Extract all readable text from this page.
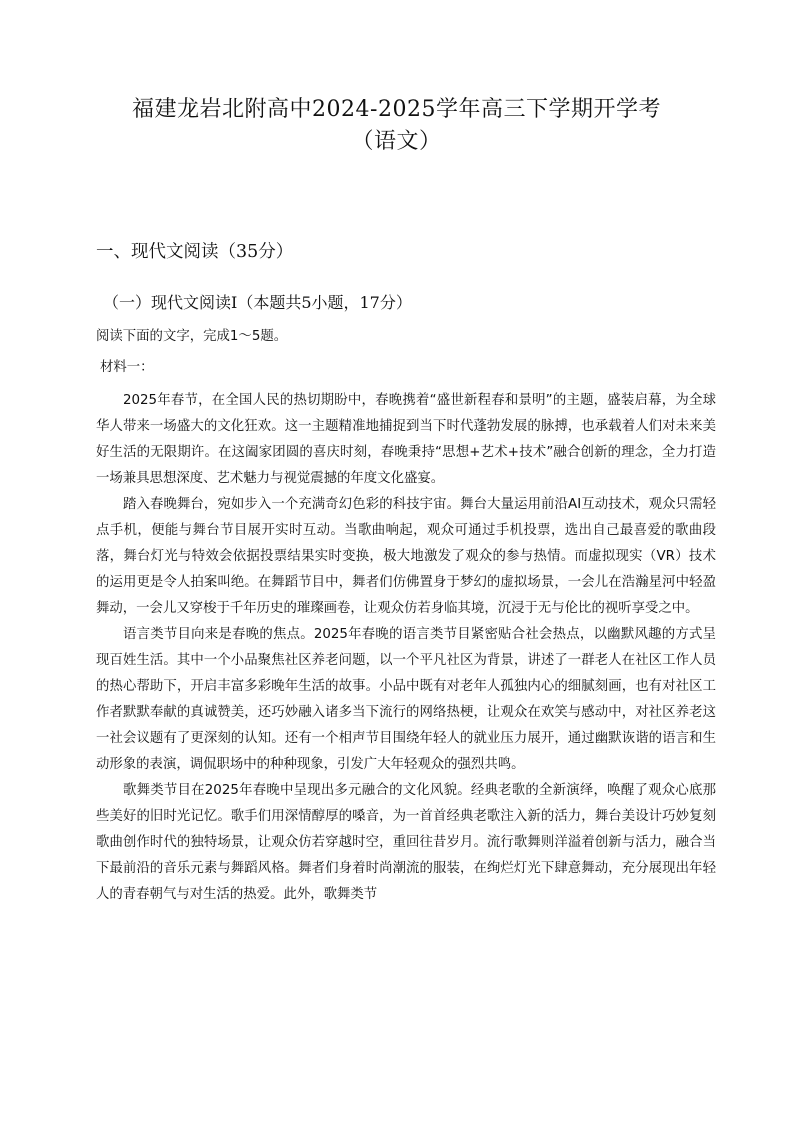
福建龙岩北附高中2024-2025学年高三下学期开学考
（语文）
一、现代文阅读（35分）
（一）现代文阅读Ⅰ（本题共5小题，17分）
阅读下面的文字，完成1～5题。
材料一：

2025年春节，在全国人民的热切期盼中，春晚携着“盛世新程春和景明”的主题，盛装启幕，为全球华人带来一场盛大的文化狂欢。这一主题精准地捕捉到当下时代蓬勃发展的脉搏，也承载着人们对未来美好生活的无限期许。在这阖家团圆的喜庆时刻，春晚秉持“思想+艺术+技术”融合创新的理念，全力打造一场兼具思想深度、艺术魅力与视觉震撼的年度文化盛宴。

踏入春晚舞台，宛如步入一个充满奇幻色彩的科技宇宙。舞台大量运用前沿AI互动技术，观众只需轻点手机，便能与舞台节目展开实时互动。当歌曲响起，观众可通过手机投票，选出自己最喜爱的歌曲段落，舞台灯光与特效会依据投票结果实时变换，极大地激发了观众的参与热情。而虚拟现实（VR）技术的运用更是令人拍案叫绝。在舞蹈节目中，舞者们仿佛置身于梦幻的虚拟场景，一会儿在浩瀚星河中轻盈舞动，一会儿又穿梭于千年历史的璀璨画卷，让观众仿若身临其境，沉浸于无与伦比的视听享受之中。

语言类节目向来是春晚的焦点。2025年春晚的语言类节目紧密贴合社会热点，以幽默风趣的方式呈现百姓生活。其中一个小品聚焦社区养老问题，以一个平凡社区为背景，讲述了一群老人在社区工作人员的热心帮助下，开启丰富多彩晚年生活的故事。小品中既有对老年人孤独内心的细腻刻画，也有对社区工作者默默奉献的真诚赞美，还巧妙融入诸多当下流行的网络热梗，让观众在欢笑与感动中，对社区养老这一社会议题有了更深刻的认知。还有一个相声节目围绕年轻人的就业压力展开，通过幽默诙谐的语言和生动形象的表演，调侃职场中的种种现象，引发广大年轻观众的强烈共鸣。

歌舞类节目在2025年春晚中呈现出多元融合的文化风貌。经典老歌的全新演绎，唤醒了观众心底那些美好的旧时光记忆。歌手们用深情醇厚的嗓音，为一首首经典老歌注入新的活力，舞台美设计巧妙复刻歌曲创作时代的独特场景，让观众仿若穿越时空，重回往昔岁月。流行歌舞则洋溢着创新与活力，融合当下最前沿的音乐元素与舞蹈风格。舞者们身着时尚潮流的服装，在绚烂灯光下肆意舞动，充分展现出年轻人的青春朝气与对生活的热爱。此外，歌舞类节
